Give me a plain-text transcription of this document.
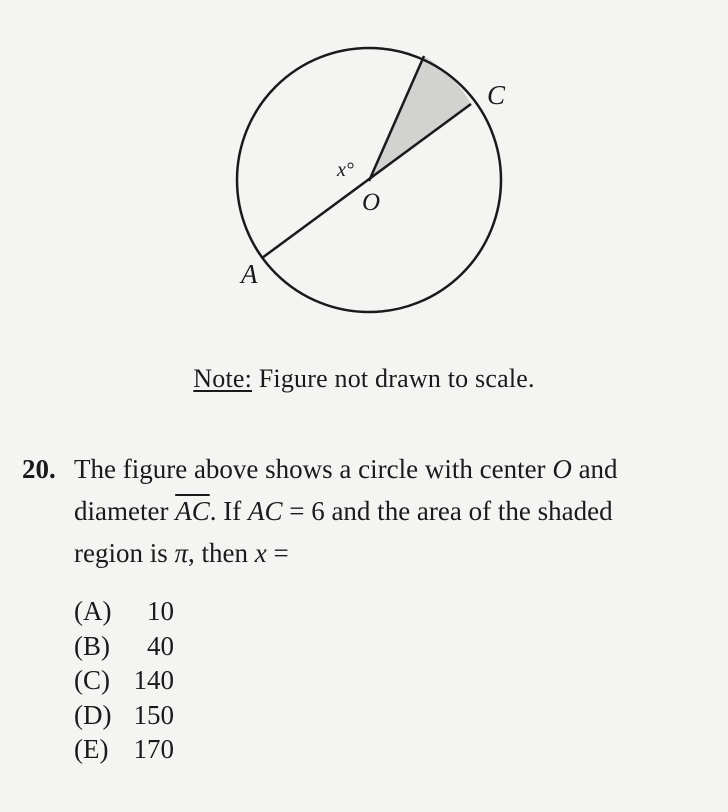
C
A
O
x°
Note: Figure not drawn to scale.
20. The figure above shows a circle with center O and
diameter $\overline{AC}$. If AC = 6 and the area of the shaded
region is π, then x =
(A)	10
(B)	40
(C) 140
(D) 150
(E) 170
